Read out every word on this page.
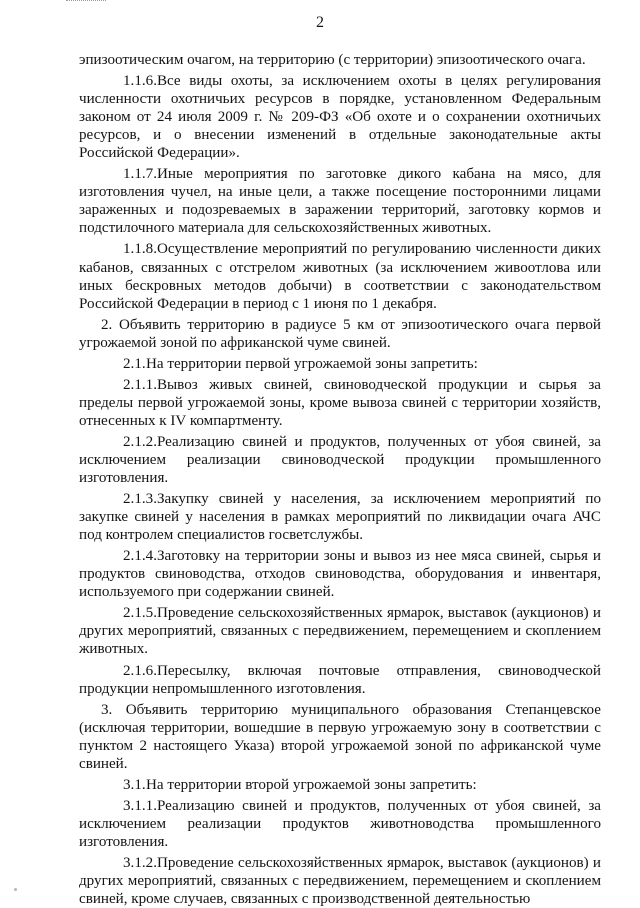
2

эпизоотическим очагом, на территорию (с территории) эпизоотического очага.

1.1.6.Все виды охоты, за исключением охоты в целях регулирования численности охотничьих ресурсов в порядке, установленном Федеральным законом от 24 июля 2009 г. № 209-ФЗ «Об охоте и о сохранении охотничьих ресурсов, и о внесении изменений в отдельные законодательные акты Российской Федерации».

1.1.7.Иные мероприятия по заготовке дикого кабана на мясо, для изготовления чучел, на иные цели, а также посещение посторонними лицами зараженных и подозреваемых в заражении территорий, заготовку кормов и подстилочного материала для сельскохозяйственных животных.

1.1.8.Осуществление мероприятий по регулированию численности диких кабанов, связанных с отстрелом животных (за исключением живоотлова или иных бескровных методов добычи) в соответствии с законодательством Российской Федерации в период с 1 июня по 1 декабря.

2. Объявить территорию в радиусе 5 км от эпизоотического очага первой угрожаемой зоной по африканской чуме свиней.

2.1.На территории первой угрожаемой зоны запретить:

2.1.1.Вывоз живых свиней, свиноводческой продукции и сырья за пределы первой угрожаемой зоны, кроме вывоза свиней с территории хозяйств, отнесенных к IV компартменту.

2.1.2.Реализацию свиней и продуктов, полученных от убоя свиней, за исключением реализации свиноводческой продукции промышленного изготовления.

2.1.3.Закупку свиней у населения, за исключением мероприятий по закупке свиней у населения в рамках мероприятий по ликвидации очага АЧС под контролем специалистов госветслужбы.

2.1.4.Заготовку на территории зоны и вывоз из нее мяса свиней, сырья и продуктов свиноводства, отходов свиноводства, оборудования и инвентаря, используемого при содержании свиней.

2.1.5.Проведение сельскохозяйственных ярмарок, выставок (аукционов) и других мероприятий, связанных с передвижением, перемещением и скоплением животных.

2.1.6.Пересылку, включая почтовые отправления, свиноводческой продукции непромышленного изготовления.

3. Объявить территорию муниципального образования Степанцевское (исключая территории, вошедшие в первую угрожаемую зону в соответствии с пунктом 2 настоящего Указа) второй угрожаемой зоной по африканской чуме свиней.

3.1.На территории второй угрожаемой зоны запретить:

3.1.1.Реализацию свиней и продуктов, полученных от убоя свиней, за исключением реализации продуктов животноводства промышленного изготовления.

3.1.2.Проведение сельскохозяйственных ярмарок, выставок (аукционов) и других мероприятий, связанных с передвижением, перемещением и скоплением свиней, кроме случаев, связанных с производственной деятельностью
